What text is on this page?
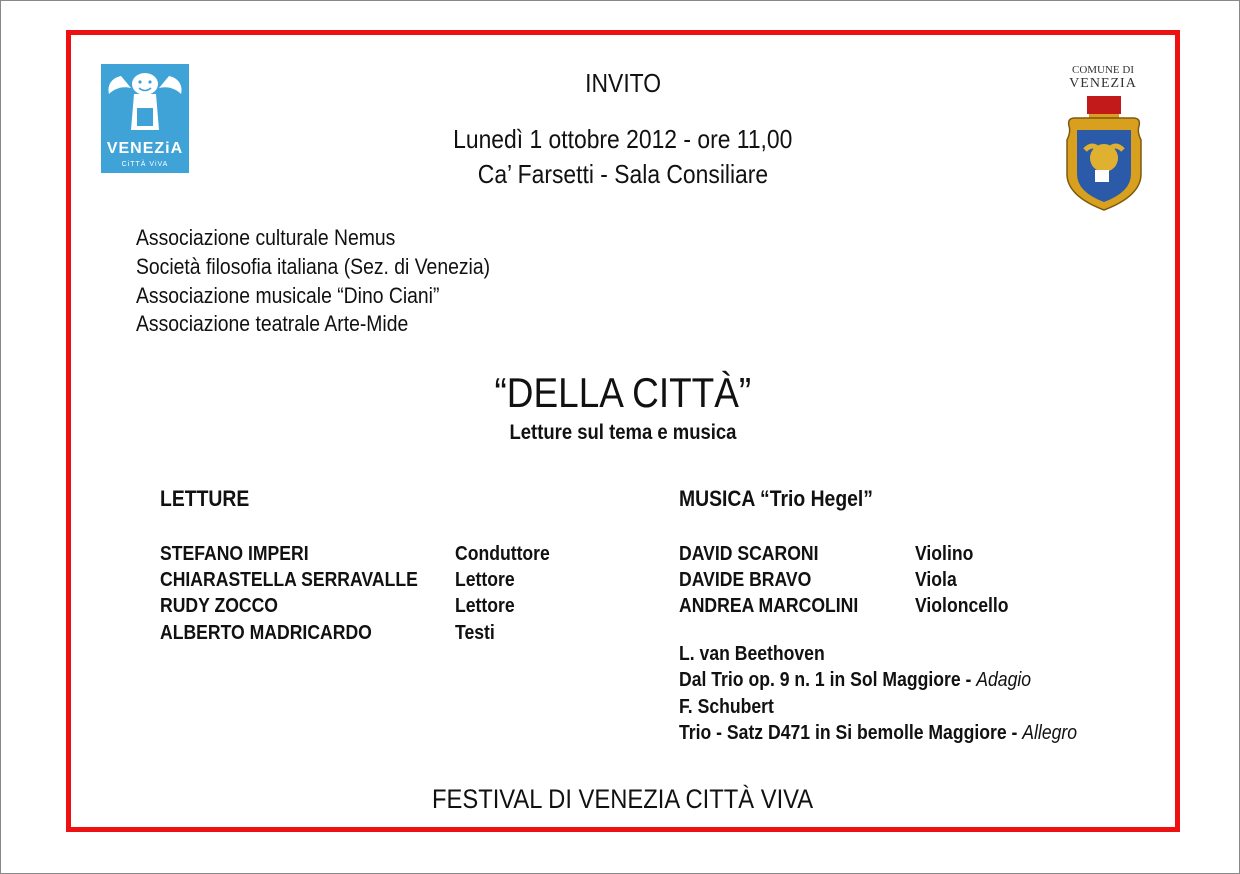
VENEZiA
CiTTÀ ViVA
COMUNE DI
VENEZIA
INVITO
Lunedì 1 ottobre 2012 - ore 11,00
Ca’ Farsetti - Sala Consiliare
Associazione culturale Nemus
Società filosofia italiana (Sez. di Venezia)
Associazione musicale “Dino Ciani”
Associazione teatrale Arte-Mide
“DELLA CITTÀ”
Letture sul tema e musica
LETTURE
STEFANO IMPERI	Conduttore
CHIARASTELLA SERRAVALLE	Lettore
RUDY ZOCCO	Lettore
ALBERTO MADRICARDO	Testi
MUSICA “Trio Hegel”
DAVID SCARONI	Violino
DAVIDE BRAVO	Viola
ANDREA MARCOLINI	Violoncello
L. van Beethoven
Dal Trio op. 9 n. 1 in Sol Maggiore - Adagio
F. Schubert
Trio - Satz D471 in Si bemolle Maggiore - Allegro
FESTIVAL DI VENEZIA CITTÀ VIVA
